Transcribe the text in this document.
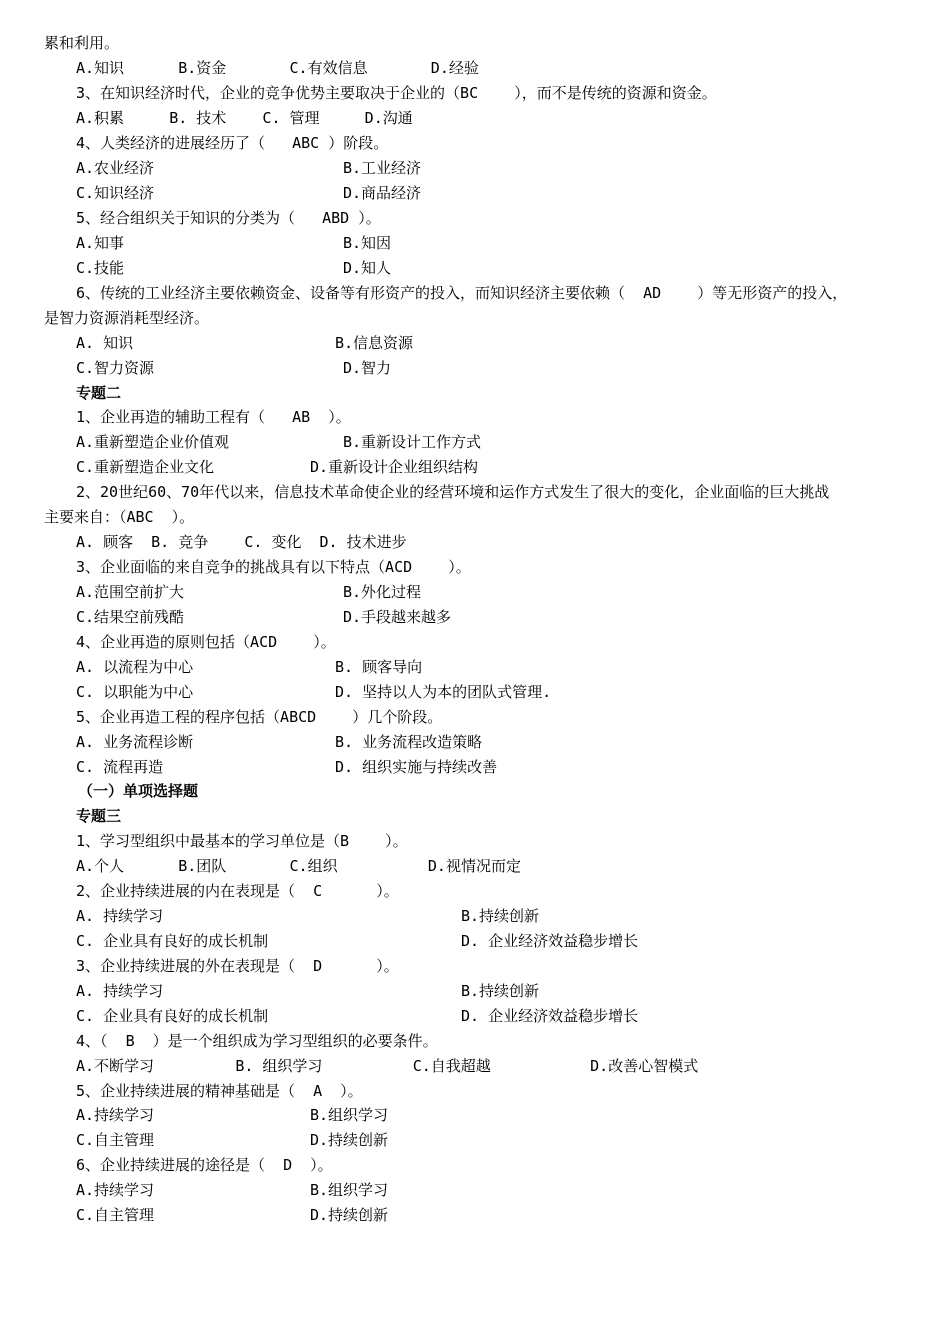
累和利用。
A.知识      B.资金       C.有效信息       D.经验
3、在知识经济时代，企业的竞争优势主要取决于企业的（BC    ），而不是传统的资源和资金。
A.积累     B. 技术    C. 管理     D.沟通
4、人类经济的进展经历了（   ABC ）阶段。
A.农业经济	B.工业经济
C.知识经济	D.商品经济
5、经合组织关于知识的分类为（   ABD ）。
A.知事	B.知因
C.技能	D.知人
6、传统的工业经济主要依赖资金、设备等有形资产的投入，而知识经济主要依赖（  AD    ）等无形资产的投入，
是智力资源消耗型经济。
A. 知识	B.信息资源
C.智力资源	D.智力
专题二
1、企业再造的辅助工程有（   AB  ）。
A.重新塑造企业价值观	B.重新设计工作方式
C.重新塑造企业文化	D.重新设计企业组织结构
2、20世纪60、70年代以来，信息技术革命使企业的经营环境和运作方式发生了很大的变化，企业面临的巨大挑战
主要来自：（ABC  ）。
A. 顾客  B. 竞争    C. 变化  D. 技术进步
3、企业面临的来自竞争的挑战具有以下特点（ACD    ）。
A.范围空前扩大	B.外化过程
C.结果空前残酷	D.手段越来越多
4、企业再造的原则包括（ACD    ）。
A. 以流程为中心	B. 顾客导向
C. 以职能为中心	D. 坚持以人为本的团队式管理.
5、企业再造工程的程序包括（ABCD    ）几个阶段。
A. 业务流程诊断	B. 业务流程改造策略
C. 流程再造	D. 组织实施与持续改善
（一）单项选择题
专题三
1、学习型组织中最基本的学习单位是（B    ）。
A.个人      B.团队       C.组织          D.视情况而定
2、企业持续进展的内在表现是（  C      ）。
A. 持续学习	B.持续创新
C. 企业具有良好的成长机制	D. 企业经济效益稳步增长
3、企业持续进展的外在表现是（  D      ）。
A. 持续学习	B.持续创新
C. 企业具有良好的成长机制	D. 企业经济效益稳步增长
4、（  B  ）是一个组织成为学习型组织的必要条件。
A.不断学习         B. 组织学习          C.自我超越           D.改善心智模式
5、企业持续进展的精神基础是（  A  ）。
A.持续学习	B.组织学习
C.自主管理	D.持续创新
6、企业持续进展的途径是（  D  ）。
A.持续学习	B.组织学习
C.自主管理	D.持续创新
